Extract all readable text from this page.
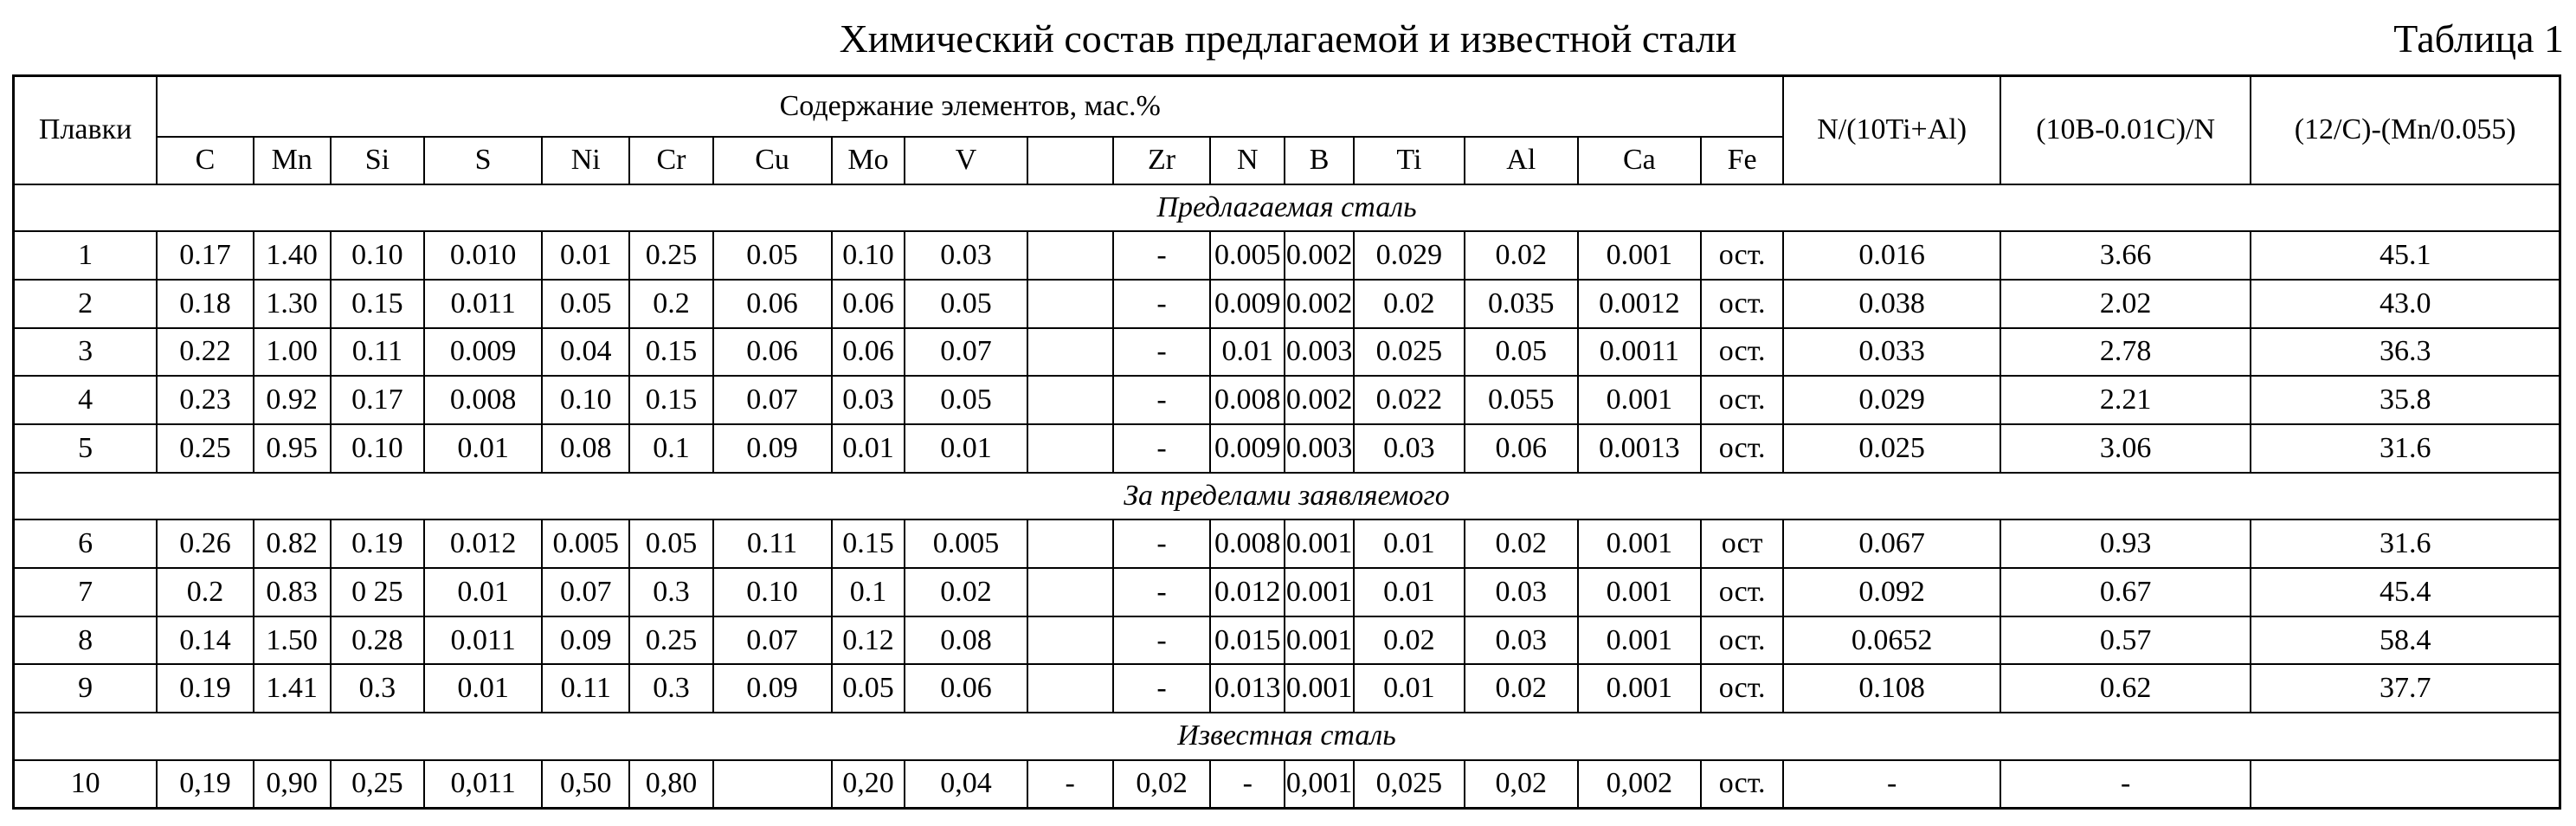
Химический состав предлагаемой и известной стали	Таблица 1
Плавки	Содержание элементов, мас.%																	N/(10Ti+Al)	(10B-0.01C)/N	(12/C)-(Mn/0.055)
	C	Mn	Si	S	Ni	Cr	Cu	Mo	V		Zr	N	B	Ti	Al	Ca	Fe			
Предлагаемая сталь																				
1	0.17	1.40	0.10	0.010	0.01	0.25	0.05	0.10	0.03		-	0.005	0.002	0.029	0.02	0.001	ост.	0.016	3.66	45.1
2	0.18	1.30	0.15	0.011	0.05	0.2	0.06	0.06	0.05		-	0.009	0.002	0.02	0.035	0.0012	ост.	0.038	2.02	43.0
3	0.22	1.00	0.11	0.009	0.04	0.15	0.06	0.06	0.07		-	0.01	0.003	0.025	0.05	0.0011	ост.	0.033	2.78	36.3
4	0.23	0.92	0.17	0.008	0.10	0.15	0.07	0.03	0.05		-	0.008	0.002	0.022	0.055	0.001	ост.	0.029	2.21	35.8
5	0.25	0.95	0.10	0.01	0.08	0.1	0.09	0.01	0.01		-	0.009	0.003	0.03	0.06	0.0013	ост.	0.025	3.06	31.6
За пределами заявляемого																				
6	0.26	0.82	0.19	0.012	0.005	0.05	0.11	0.15	0.005		-	0.008	0.001	0.01	0.02	0.001	ост	0.067	0.93	31.6
7	0.2	0.83	0 25	0.01	0.07	0.3	0.10	0.1	0.02		-	0.012	0.001	0.01	0.03	0.001	ост.	0.092	0.67	45.4
8	0.14	1.50	0.28	0.011	0.09	0.25	0.07	0.12	0.08		-	0.015	0.001	0.02	0.03	0.001	ост.	0.0652	0.57	58.4
9	0.19	1.41	0.3	0.01	0.11	0.3	0.09	0.05	0.06		-	0.013	0.001	0.01	0.02	0.001	ост.	0.108	0.62	37.7
Известная сталь																				
10	0,19	0,90	0,25	0,011	0,50	0,80		0,20	0,04	-	0,02	-	0,001	0,025	0,02	0,002	ост.	-	-	
